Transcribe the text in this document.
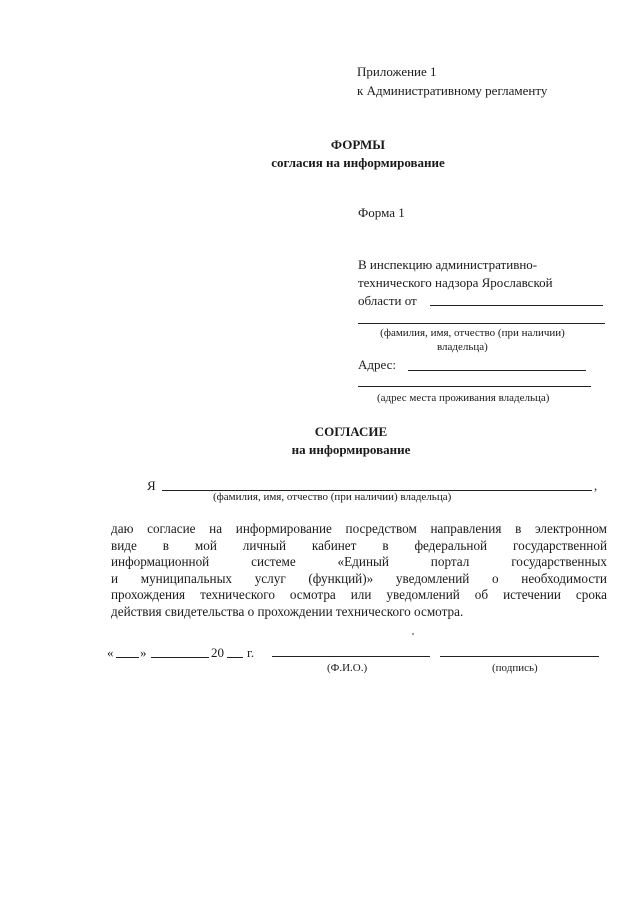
Приложение 1
к Административному регламенту
ФОРМЫ
согласия на информирование
Форма 1
В инспекцию административно-
технического надзора Ярославской
области от
(фамилия, имя, отчество (при наличии)
владельца)
Адрес:
(адрес места проживания владельца)
СОГЛАСИЕ
на информирование
Я	,
(фамилия, имя, отчество (при наличии) владельца)
даю согласие на информирование посредством направления в электронном
виде в мой личный кабинет в федеральной государственной
информационной системе «Единый портал государственных
и муниципальных услуг (функций)» уведомлений о необходимости
прохождения технического осмотра или уведомлений об истечении срока
действия свидетельства о прохождении технического осмотра.
« »	20 г.
(Ф.И.О.)	(подпись)
